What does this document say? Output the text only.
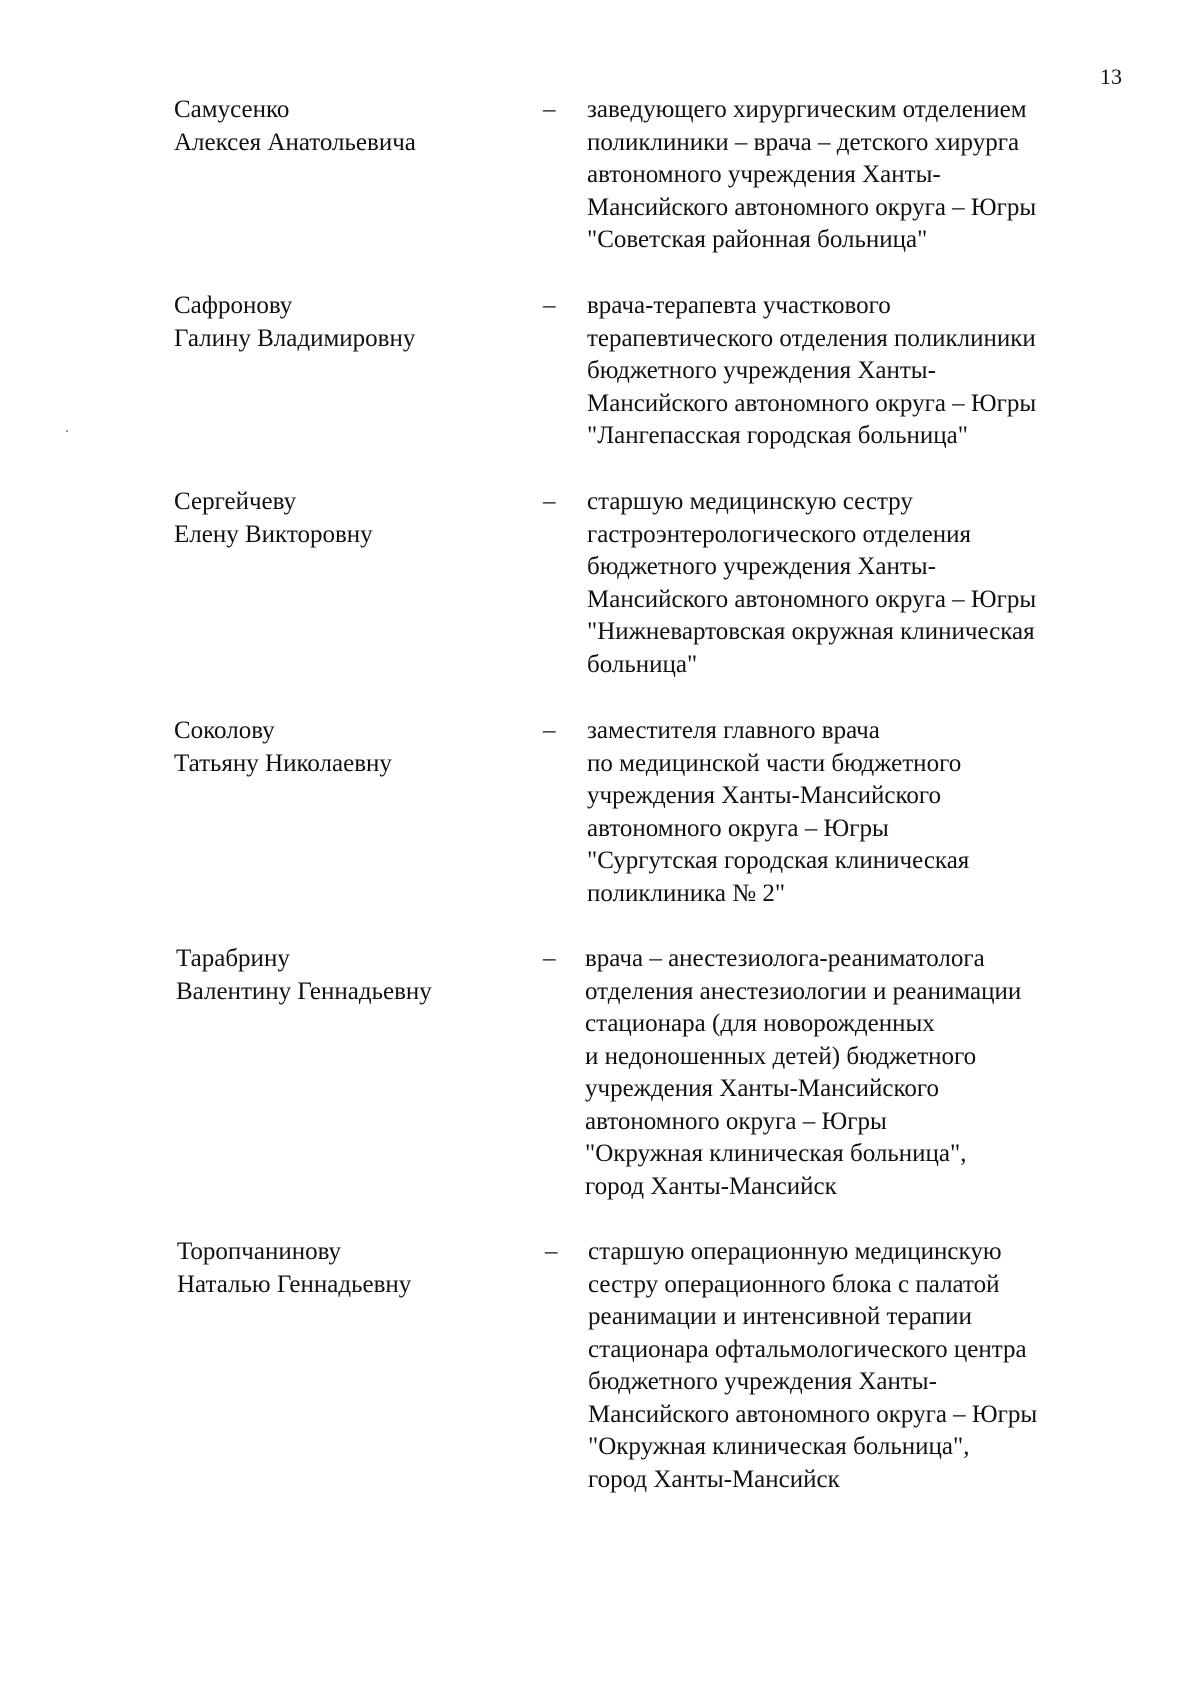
13
Самусенко
Алексея Анатольевича
– заведующего хирургическим отделением
поликлиники – врача – детского хирурга
автономного учреждения Ханты-
Мансийского автономного округа – Югры
"Советская районная больница"
Сафронову
Галину Владимировну
– врача-терапевта участкового
терапевтического отделения поликлиники
бюджетного учреждения Ханты-
Мансийского автономного округа – Югры
"Лангепасская городская больница"
Сергейчеву
Елену Викторовну
– старшую медицинскую сестру
гастроэнтерологического отделения
бюджетного учреждения Ханты-
Мансийского автономного округа – Югры
"Нижневартовская окружная клиническая
больница"
Соколову
Татьяну Николаевну
– заместителя главного врача
по медицинской части бюджетного
учреждения Ханты-Мансийского
автономного округа – Югры
"Сургутская городская клиническая
поликлиника № 2"
Тарабрину
Валентину Геннадьевну
– врача – анестезиолога-реаниматолога
отделения анестезиологии и реанимации
стационара (для новорожденных
и недоношенных детей) бюджетного
учреждения Ханты-Мансийского
автономного округа – Югры
"Окружная клиническая больница",
город Ханты-Мансийск
Торопчанинову
Наталью Геннадьевну
– старшую операционную медицинскую
сестру операционного блока с палатой
реанимации и интенсивной терапии
стационара офтальмологического центра
бюджетного учреждения Ханты-
Мансийского автономного округа – Югры
"Окружная клиническая больница",
город Ханты-Мансийск
